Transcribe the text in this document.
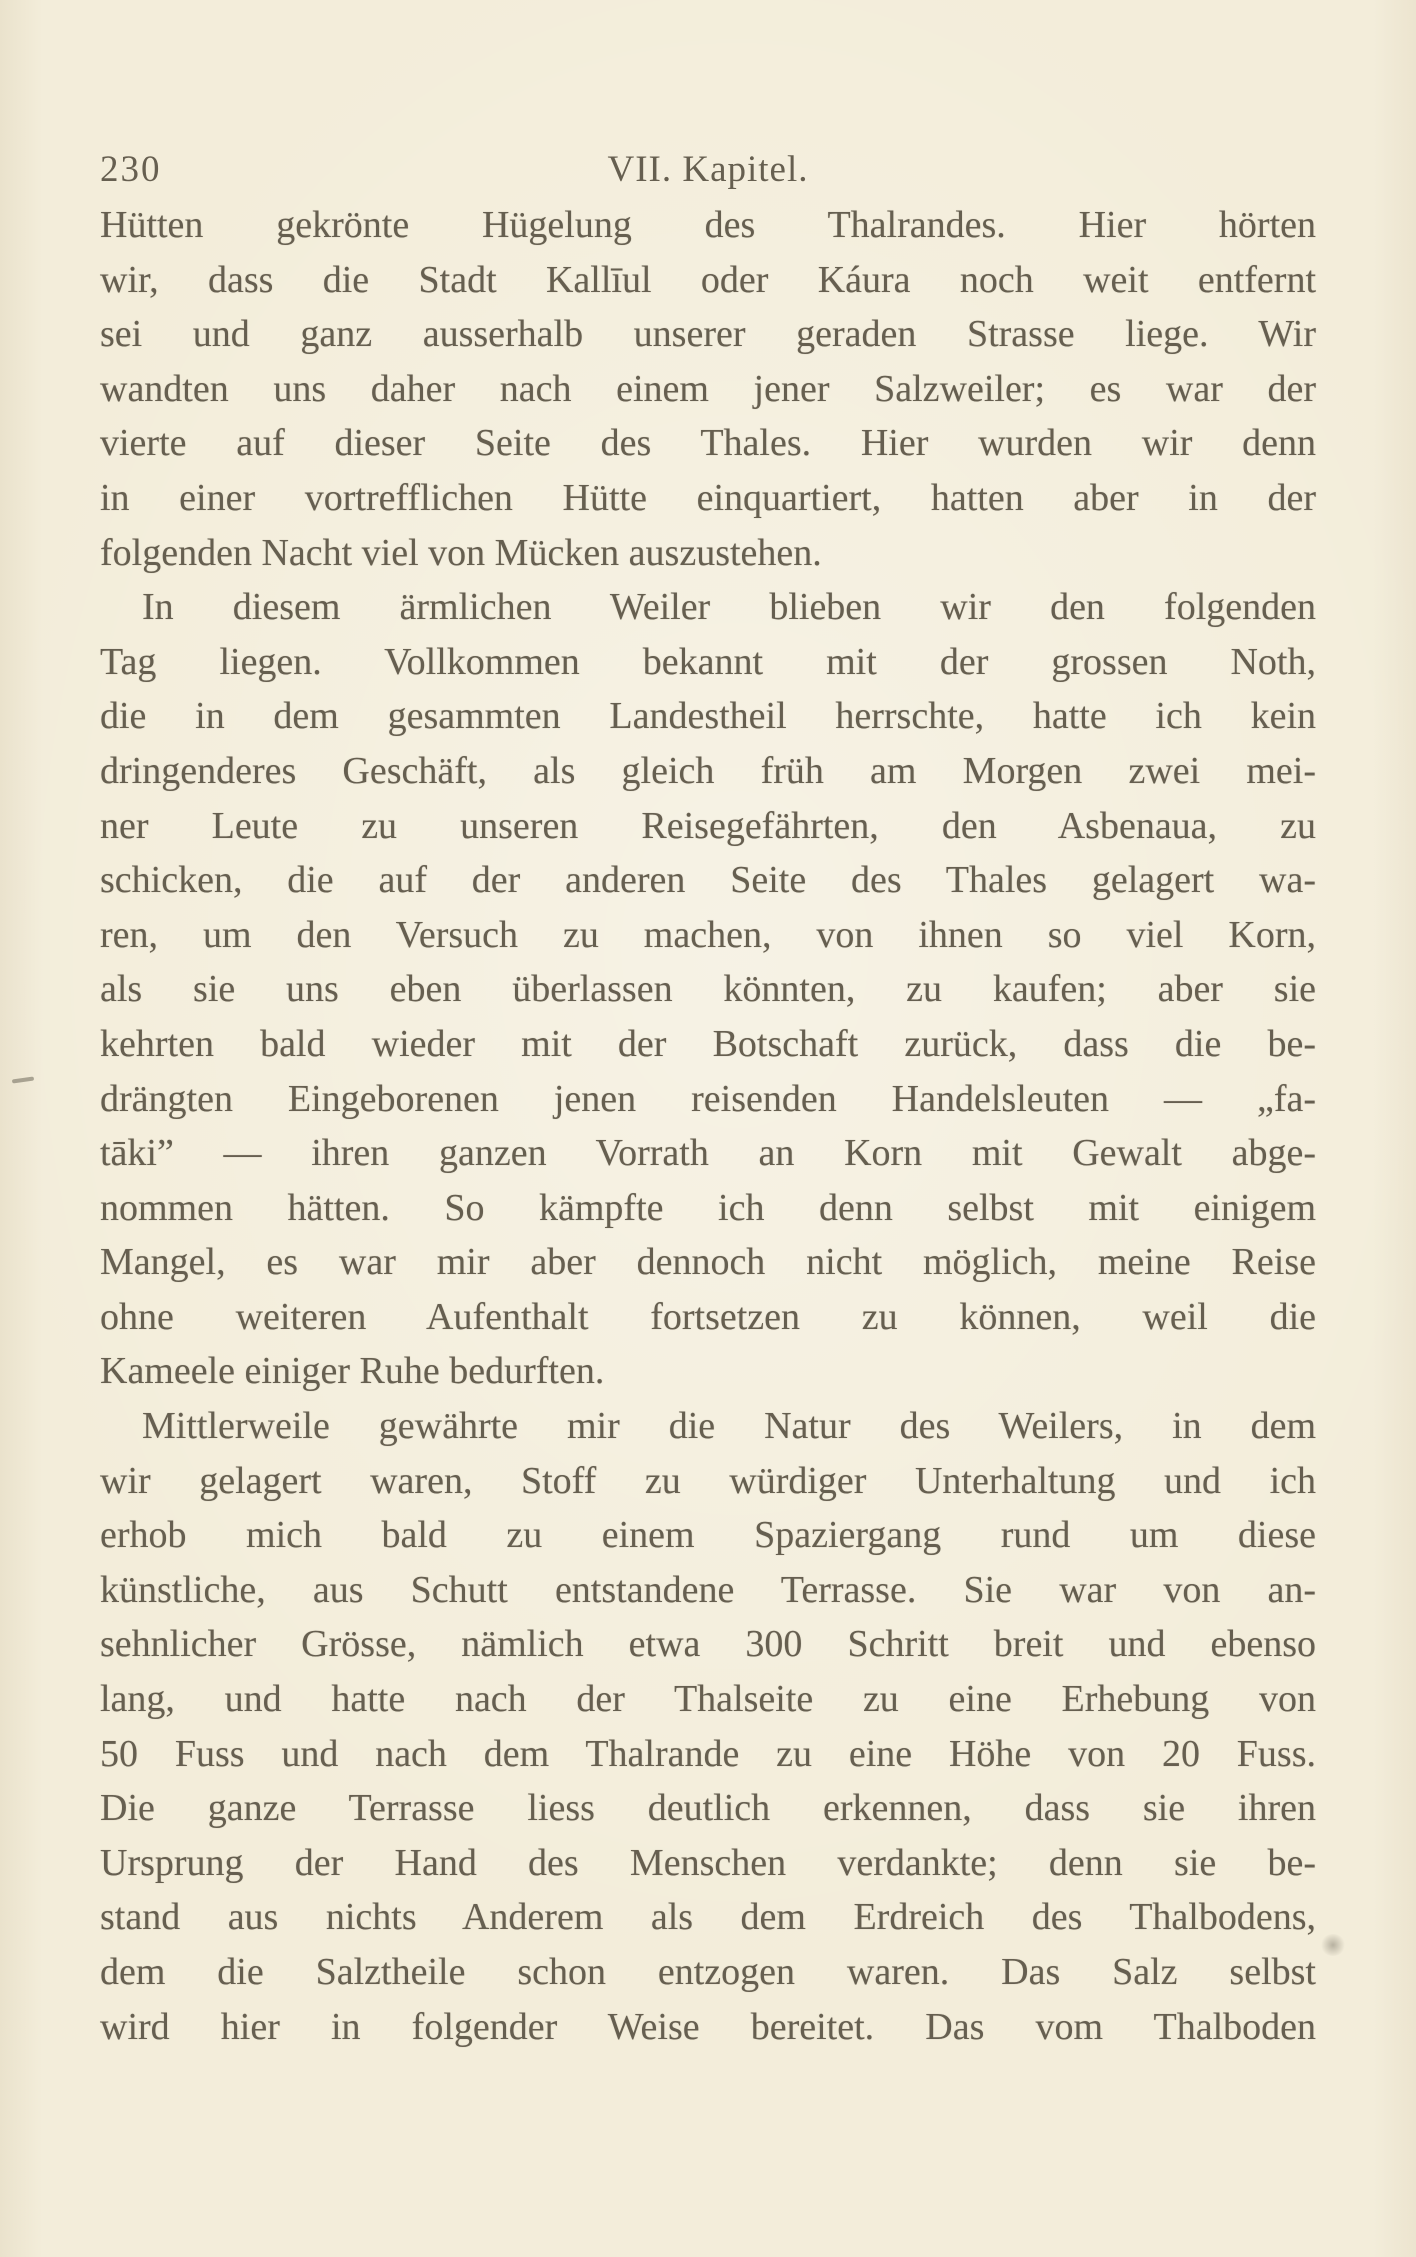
230	VII. Kapitel.
Hütten gekrönte Hügelung des Thalrandes. Hier hörten
wir, dass die Stadt Kallīul oder Káura noch weit entfernt
sei und ganz ausserhalb unserer geraden Strasse liege. Wir
wandten uns daher nach einem jener Salzweiler; es war der
vierte auf dieser Seite des Thales. Hier wurden wir denn
in einer vortrefflichen Hütte einquartiert, hatten aber in der
folgenden Nacht viel von Mücken auszustehen.
In diesem ärmlichen Weiler blieben wir den folgenden
Tag liegen. Vollkommen bekannt mit der grossen Noth,
die in dem gesammten Landestheil herrschte, hatte ich kein
dringenderes Geschäft, als gleich früh am Morgen zwei mei-
ner Leute zu unseren Reisegefährten, den Asbenaua, zu
schicken, die auf der anderen Seite des Thales gelagert wa-
ren, um den Versuch zu machen, von ihnen so viel Korn,
als sie uns eben überlassen könnten, zu kaufen; aber sie
kehrten bald wieder mit der Botschaft zurück, dass die be-
drängten Eingeborenen jenen reisenden Handelsleuten — „fa-
tāki” — ihren ganzen Vorrath an Korn mit Gewalt abge-
nommen hätten. So kämpfte ich denn selbst mit einigem
Mangel, es war mir aber dennoch nicht möglich, meine Reise
ohne weiteren Aufenthalt fortsetzen zu können, weil die
Kameele einiger Ruhe bedurften.
Mittlerweile gewährte mir die Natur des Weilers, in dem
wir gelagert waren, Stoff zu würdiger Unterhaltung und ich
erhob mich bald zu einem Spaziergang rund um diese
künstliche, aus Schutt entstandene Terrasse. Sie war von an-
sehnlicher Grösse, nämlich etwa 300 Schritt breit und ebenso
lang, und hatte nach der Thalseite zu eine Erhebung von
50 Fuss und nach dem Thalrande zu eine Höhe von 20 Fuss.
Die ganze Terrasse liess deutlich erkennen, dass sie ihren
Ursprung der Hand des Menschen verdankte; denn sie be-
stand aus nichts Anderem als dem Erdreich des Thalbodens,
dem die Salztheile schon entzogen waren. Das Salz selbst
wird hier in folgender Weise bereitet. Das vom Thalboden
